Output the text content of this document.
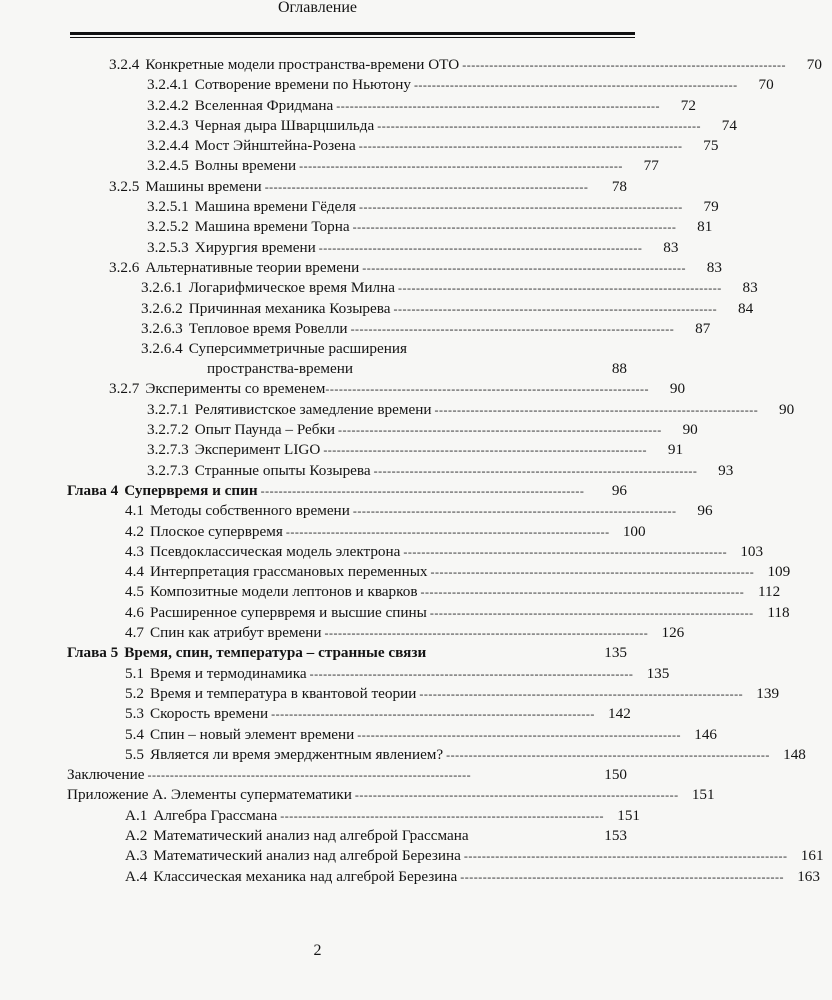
Оглавление
3.2.4 Конкретные модели пространства-времени ОТО ------------------------------------------------------------------------	70
3.2.4.1 Сотворение времени по Ньютону ------------------------------------------------------------------------	70
3.2.4.2 Вселенная Фридмана ------------------------------------------------------------------------	72
3.2.4.3 Черная дыра Шварцшильда ------------------------------------------------------------------------	74
3.2.4.4 Мост Эйнштейна-Розена ------------------------------------------------------------------------	75
3.2.4.5 Волны времени ------------------------------------------------------------------------	77
3.2.5 Машины времени ------------------------------------------------------------------------	78
3.2.5.1 Машина времени Гёделя ------------------------------------------------------------------------	79
3.2.5.2 Машина времени Торна ------------------------------------------------------------------------	81
3.2.5.3 Хирургия времени ------------------------------------------------------------------------	83
3.2.6 Альтернативные теории времени ------------------------------------------------------------------------	83
3.2.6.1 Логарифмическое время Милна ------------------------------------------------------------------------	83
3.2.6.2 Причинная механика Козырева ------------------------------------------------------------------------	84
3.2.6.3 Тепловое время Ровелли ------------------------------------------------------------------------	87
3.2.6.4 Суперсимметричные расширения
пространства-времени	88
3.2.7 Эксперименты со временем ------------------------------------------------------------------------	90
3.2.7.1 Релятивистское замедление времени ------------------------------------------------------------------------	90
3.2.7.2 Опыт Паунда – Ребки ------------------------------------------------------------------------	90
3.2.7.3 Эксперимент LIGO ------------------------------------------------------------------------	91
3.2.7.3 Странные опыты Козырева ------------------------------------------------------------------------	93
Глава 4 Супервремя и спин ------------------------------------------------------------------------	96
4.1 Методы собственного времени ------------------------------------------------------------------------	96
4.2 Плоское супервремя ------------------------------------------------------------------------ 100
4.3 Псевдоклассическая модель электрона ------------------------------------------------------------------------ 103
4.4 Интерпретация грассмановых переменных ------------------------------------------------------------------------ 109
4.5 Композитные модели лептонов и кварков ------------------------------------------------------------------------ 112
4.6 Расширенное супервремя и высшие спины ------------------------------------------------------------------------ 118
4.7 Спин как атрибут времени ------------------------------------------------------------------------ 126
Глава 5 Время, спин, температура – странные связи	135
5.1 Время и термодинамика ------------------------------------------------------------------------ 135
5.2 Время и температура в квантовой теории ------------------------------------------------------------------------ 139
5.3 Скорость времени ------------------------------------------------------------------------ 142
5.4 Спин – новый элемент времени ------------------------------------------------------------------------ 146
5.5 Является ли время эмерджентным явлением? ------------------------------------------------------------------------ 148
Заключение ------------------------------------------------------------------------	150
Приложение А. Элементы суперматематики ------------------------------------------------------------------------ 151
А.1 Алгебра Грассмана ------------------------------------------------------------------------ 151
А.2 Математический анализ над алгеброй Грассмана	153
А.3 Математический анализ над алгеброй Березина ------------------------------------------------------------------------ 161
А.4 Классическая механика над алгеброй Березина ------------------------------------------------------------------------ 163
2
